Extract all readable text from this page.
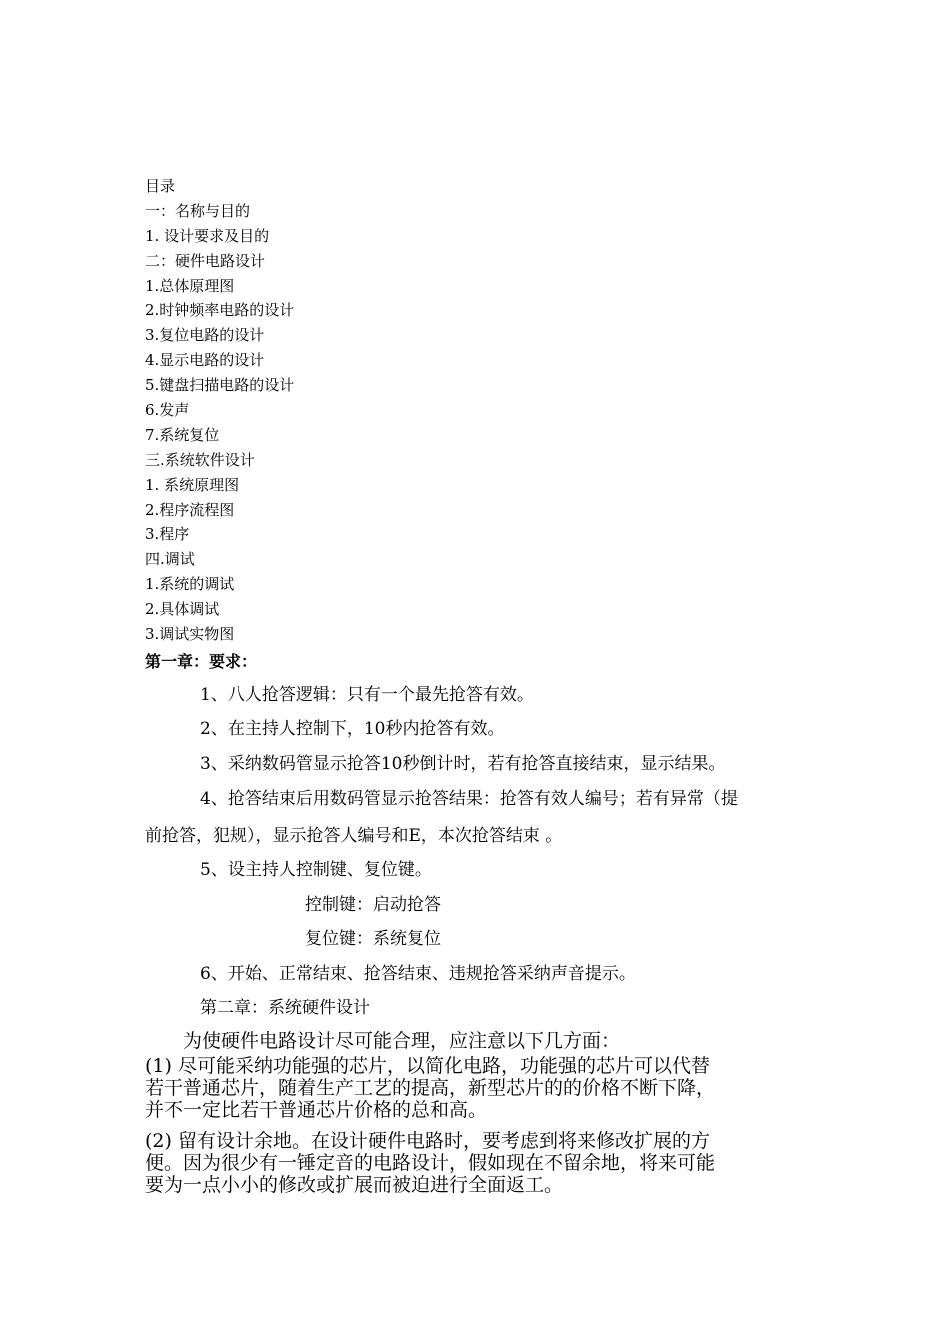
目录
一：名称与目的
1. 设计要求及目的
二：硬件电路设计
1.总体原理图
2.时钟频率电路的设计
3.复位电路的设计
4.显示电路的设计
5.键盘扫描电路的设计
6.发声
7.系统复位
三.系统软件设计
1. 系统原理图
2.程序流程图
3.程序
四.调试
1.系统的调试
2.具体调试
3.调试实物图
第一章：要求：
1、八人抢答逻辑：只有一个最先抢答有效。
2、在主持人控制下，10秒内抢答有效。
3、采纳数码管显示抢答10秒倒计时，若有抢答直接结束，显示结果。
4、抢答结束后用数码管显示抢答结果：抢答有效人编号；若有异常（提
前抢答，犯规），显示抢答人编号和E，本次抢答结束 。
5、设主持人控制键、复位键。
控制键：启动抢答
复位键：系统复位
6、开始、正常结束、抢答结束、违规抢答采纳声音提示。
第二章：系统硬件设计
为使硬件电路设计尽可能合理，应注意以下几方面：
(1) 尽可能采纳功能强的芯片，以简化电路，功能强的芯片可以代替
若干普通芯片，随着生产工艺的提高，新型芯片的的价格不断下降，
并不一定比若干普通芯片价格的总和高。
(2) 留有设计余地。在设计硬件电路时，要考虑到将来修改扩展的方
便。因为很少有一锤定音的电路设计，假如现在不留余地，将来可能
要为一点小小的修改或扩展而被迫进行全面返工。
